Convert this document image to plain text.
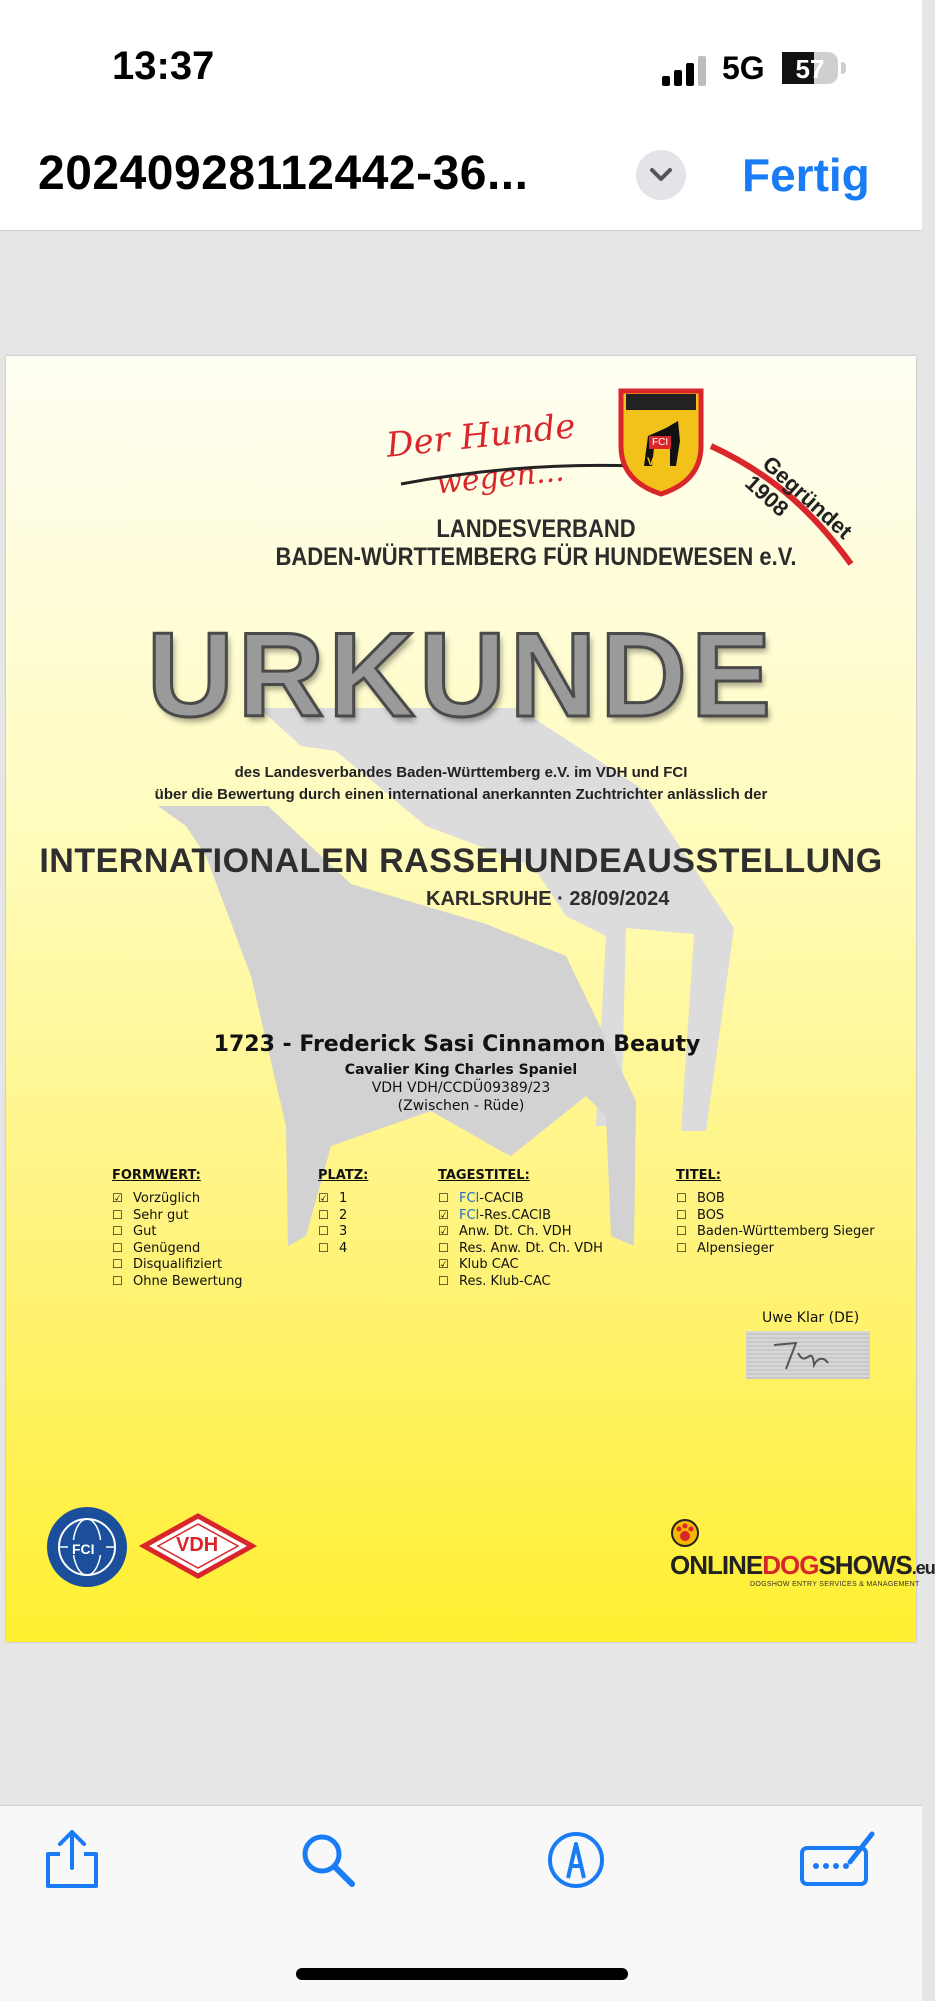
13:37	5G	57
20240928112442-36...	Fertig
Der Hunde
wegen...
FCI
VDH	Gegründet 1908
LANDESVERBAND
BADEN-WÜRTTEMBERG FÜR HUNDEWESEN e.V.
URKUNDE
des Landesverbandes Baden-Württemberg e.V. im VDH und FCI
über die Bewertung durch einen international anerkannten Zuchtrichter anlässlich der
INTERNATIONALEN RASSEHUNDEAUSSTELLUNG
KARLSRUHE · 28/09/2024
1723 - Frederick Sasi Cinnamon Beauty
Cavalier King Charles Spaniel
VDH VDH/CCDÜ09389/23
(Zwischen - Rüde)
FORMWERT:
☑ Vorzüglich
☐ Sehr gut
☐ Gut
☐ Genügend
☐ Disqualifiziert
☐ Ohne Bewertung
PLATZ:
☑ 1
☐ 2
☐ 3
☐ 4
TAGESTITEL:
☐ FCI-CACIB
☑ FCI-Res.CACIB
☑ Anw. Dt. Ch. VDH
☐ Res. Anw. Dt. Ch. VDH
☑ Klub CAC
☐ Res. Klub-CAC
TITEL:
☐ BOB
☐ BOS
☐ Baden-Württemberg Sieger
☐ Alpensieger
Uwe Klar (DE)
FCI	VDH
ONLINEDOGSHOWS.eu
DOGSHOW ENTRY SERVICES & MANAGEMENT
